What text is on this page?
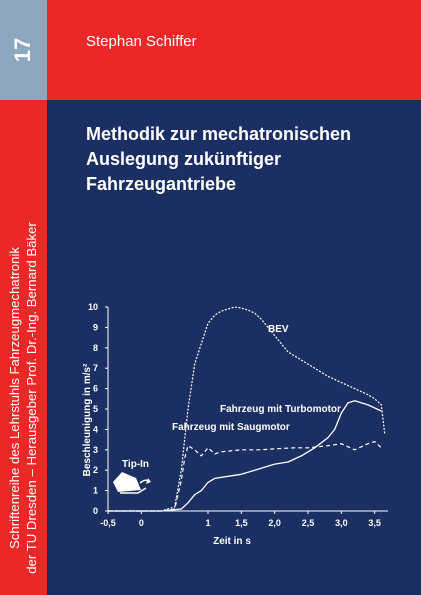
17	Stephan Schiffer
Schriftenreihe des Lehrstuhls Fahrzeugmechatronik der TU Dresden – Herausgeber Prof. Dr.-Ing. Bernard Bäker
Methodik zur mechatronischen
Auslegung zukünftiger
Fahrzeugantriebe
0
1
2
3
4
5
6
7
8
9
10
-0,5	0	1	1,5 2,0 2,5 3,0 3,5
Beschleunigung in m/s²
Zeit in s
BEV
Fahrzeug mit Turbomotor
Fahrzeug mit Saugmotor
Tip-In
